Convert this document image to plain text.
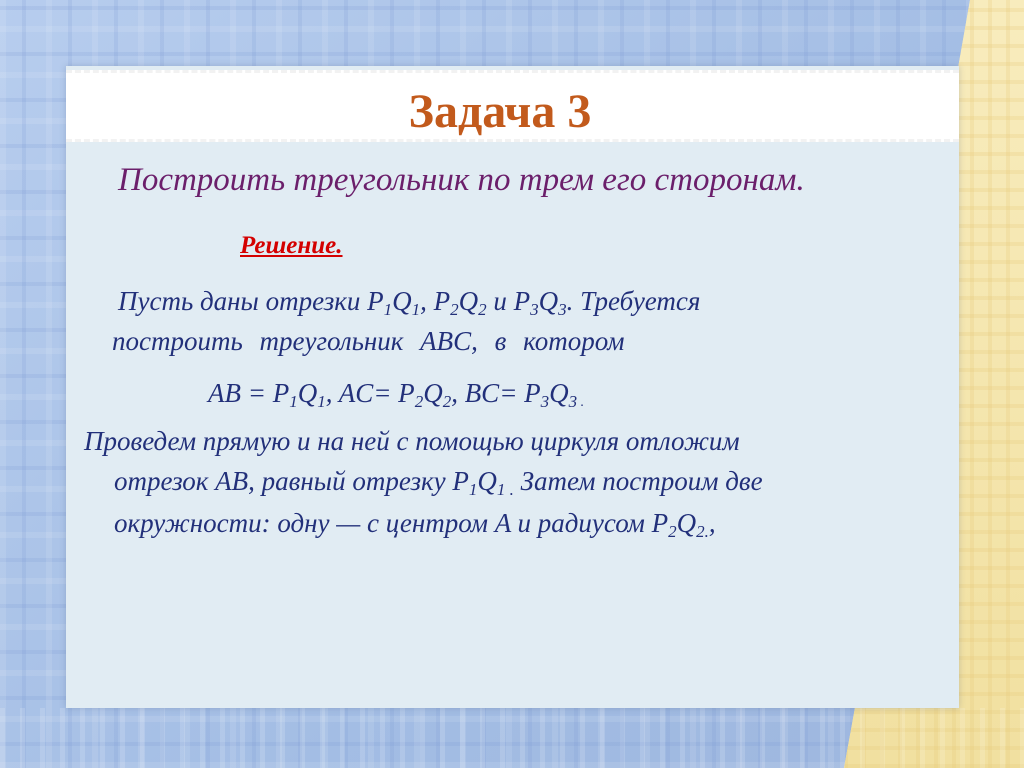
Задача 3

Построить треугольник по трем его сторонам.

Решение.

Пусть даны отрезки $P_1Q_1$, $P_2Q_2$ и $P_3Q_3$. Требуется

построить треугольник ABC, в котором

AB = $P_1Q_1$, $AC= P_2Q_2$, $BC= P_3Q_3$ .

Проведем прямую и на ней с помощью циркуля отложим

отрезок AB, равный отрезку $P_1Q_{1 .}$ Затем построим две

окружности: одну — с центром A и радиусом $P_2Q_{2.}$,
